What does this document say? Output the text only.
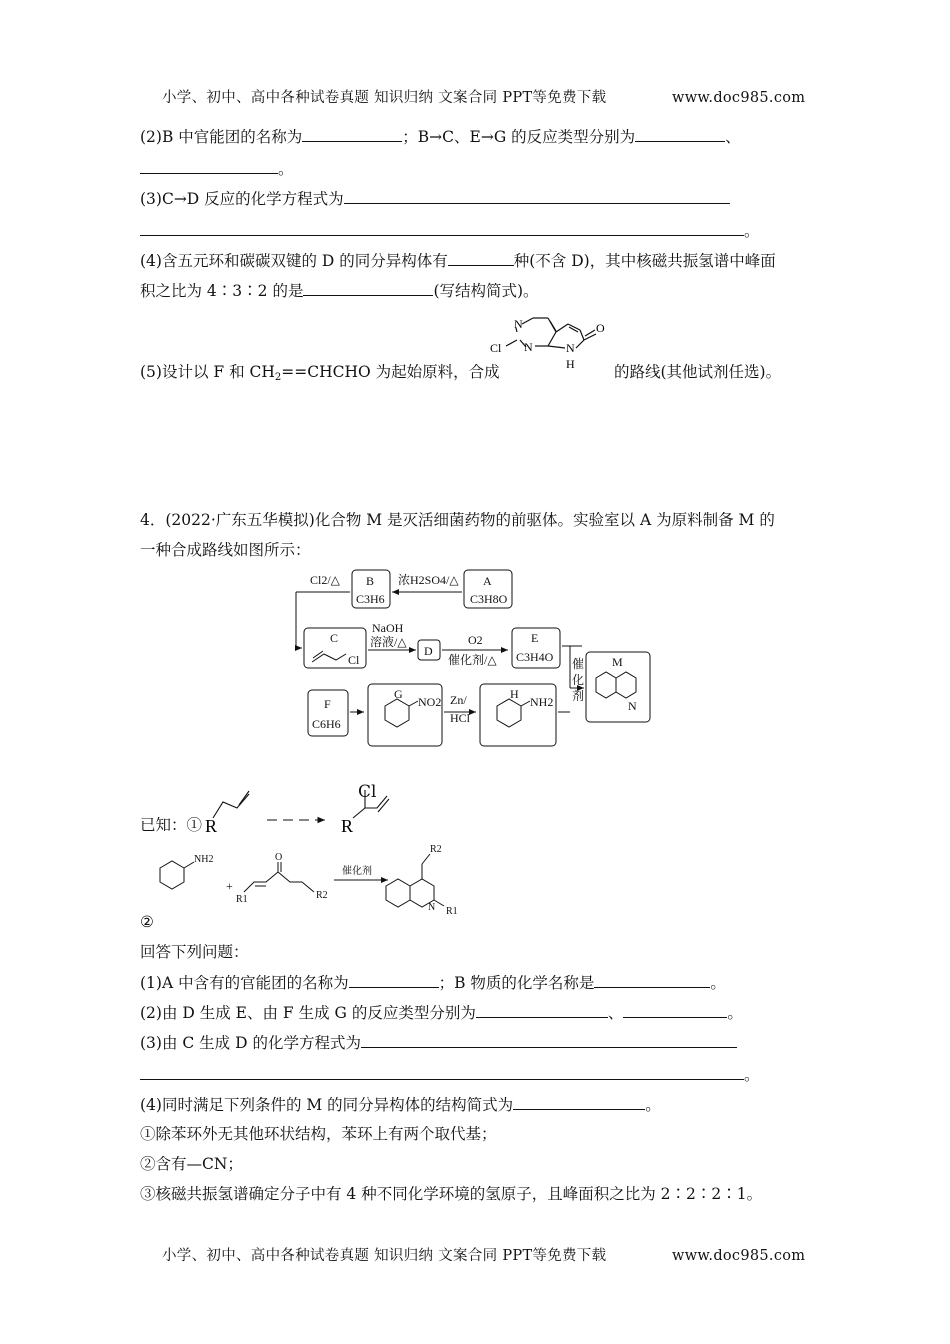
小学、初中、高中各种试卷真题 知识归纳 文案合同 PPT等免费下载	www.doc985.com
(2)B 中官能团的名称为	；B→C、E→G 的反应类型分别为	、
。
(3)C→D 反应的化学方程式为
。
(4)含五元环和碳碳双键的 D 的同分异构体有	种(不含 D)，其中核磁共振氢谱中峰面
积之比为 4∶3∶2 的是	(写结构简式)。
(5)设计以 F 和 $CH_2==CHCHO$ 为起始原料，合成	的路线(其他试剂任选)。
N
N	N
H
Cl
O
4．(2022·广东五华模拟)化合物 M 是灭活细菌药物的前驱体。实验室以 A 为原料制备 M 的
一种合成路线如图所示：
Cl2/△	浓H2SO4/△
B
C3H6
A
C3H8O
C
Cl
NaOH
溶液/△
D
O2
催化剂/△
E
C3H4O 催
化
剂
M
N
F
C6H6
G
NO2 Zn/
HCl
H
NH2
已知：① R	R
Cl
NH2
+
O
R1	R2
催化剂
N
R2
R1
②
回答下列问题：
(1)A 中含有的官能团的名称为	；B 物质的化学名称是	。
(2)由 D 生成 E、由 F 生成 G 的反应类型分别为	、	。
(3)由 C 生成 D 的化学方程式为
。
(4)同时满足下列条件的 M 的同分异构体的结构简式为	。
①除苯环外无其他环状结构，苯环上有两个取代基；
②含有—CN；
③核磁共振氢谱确定分子中有 4 种不同化学环境的氢原子，且峰面积之比为 2∶2∶2∶1。
小学、初中、高中各种试卷真题 知识归纳 文案合同 PPT等免费下载	www.doc985.com
